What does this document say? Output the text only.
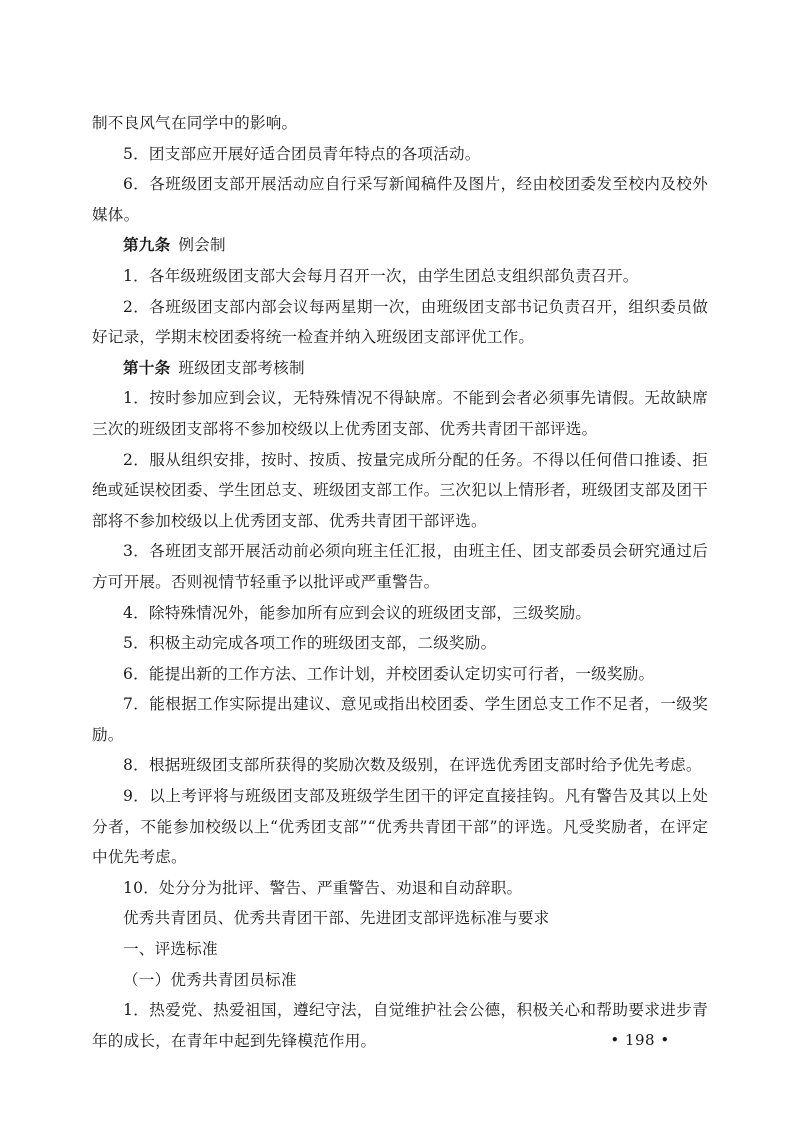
制不良风气在同学中的影响。

5．团支部应开展好适合团员青年特点的各项活动。

6．各班级团支部开展活动应自行采写新闻稿件及图片，经由校团委发至校内及校外媒体。

第九条 例会制

1．各年级班级团支部大会每月召开一次，由学生团总支组织部负责召开。

2．各班级团支部内部会议每两星期一次，由班级团支部书记负责召开，组织委员做好记录，学期末校团委将统一检查并纳入班级团支部评优工作。

第十条 班级团支部考核制

1．按时参加应到会议，无特殊情况不得缺席。不能到会者必须事先请假。无故缺席三次的班级团支部将不参加校级以上优秀团支部、优秀共青团干部评选。

2．服从组织安排，按时、按质、按量完成所分配的任务。不得以任何借口推诿、拒绝或延误校团委、学生团总支、班级团支部工作。三次犯以上情形者，班级团支部及团干部将不参加校级以上优秀团支部、优秀共青团干部评选。

3．各班团支部开展活动前必须向班主任汇报，由班主任、团支部委员会研究通过后方可开展。否则视情节轻重予以批评或严重警告。

4．除特殊情况外，能参加所有应到会议的班级团支部，三级奖励。

5．积极主动完成各项工作的班级团支部，二级奖励。

6．能提出新的工作方法、工作计划，并校团委认定切实可行者，一级奖励。

7．能根据工作实际提出建议、意见或指出校团委、学生团总支工作不足者，一级奖励。

8．根据班级团支部所获得的奖励次数及级别，在评选优秀团支部时给予优先考虑。

9．以上考评将与班级团支部及班级学生团干的评定直接挂钩。凡有警告及其以上处分者，不能参加校级以上“优秀团支部”“优秀共青团干部”的评选。凡受奖励者，在评定中优先考虑。

10．处分分为批评、警告、严重警告、劝退和自动辞职。

优秀共青团员、优秀共青团干部、先进团支部评选标准与要求

一、评选标准

（一）优秀共青团员标准

1．热爱党、热爱祖国，遵纪守法，自觉维护社会公德，积极关心和帮助要求进步青年的成长，在青年中起到先锋模范作用。	• 198 •
